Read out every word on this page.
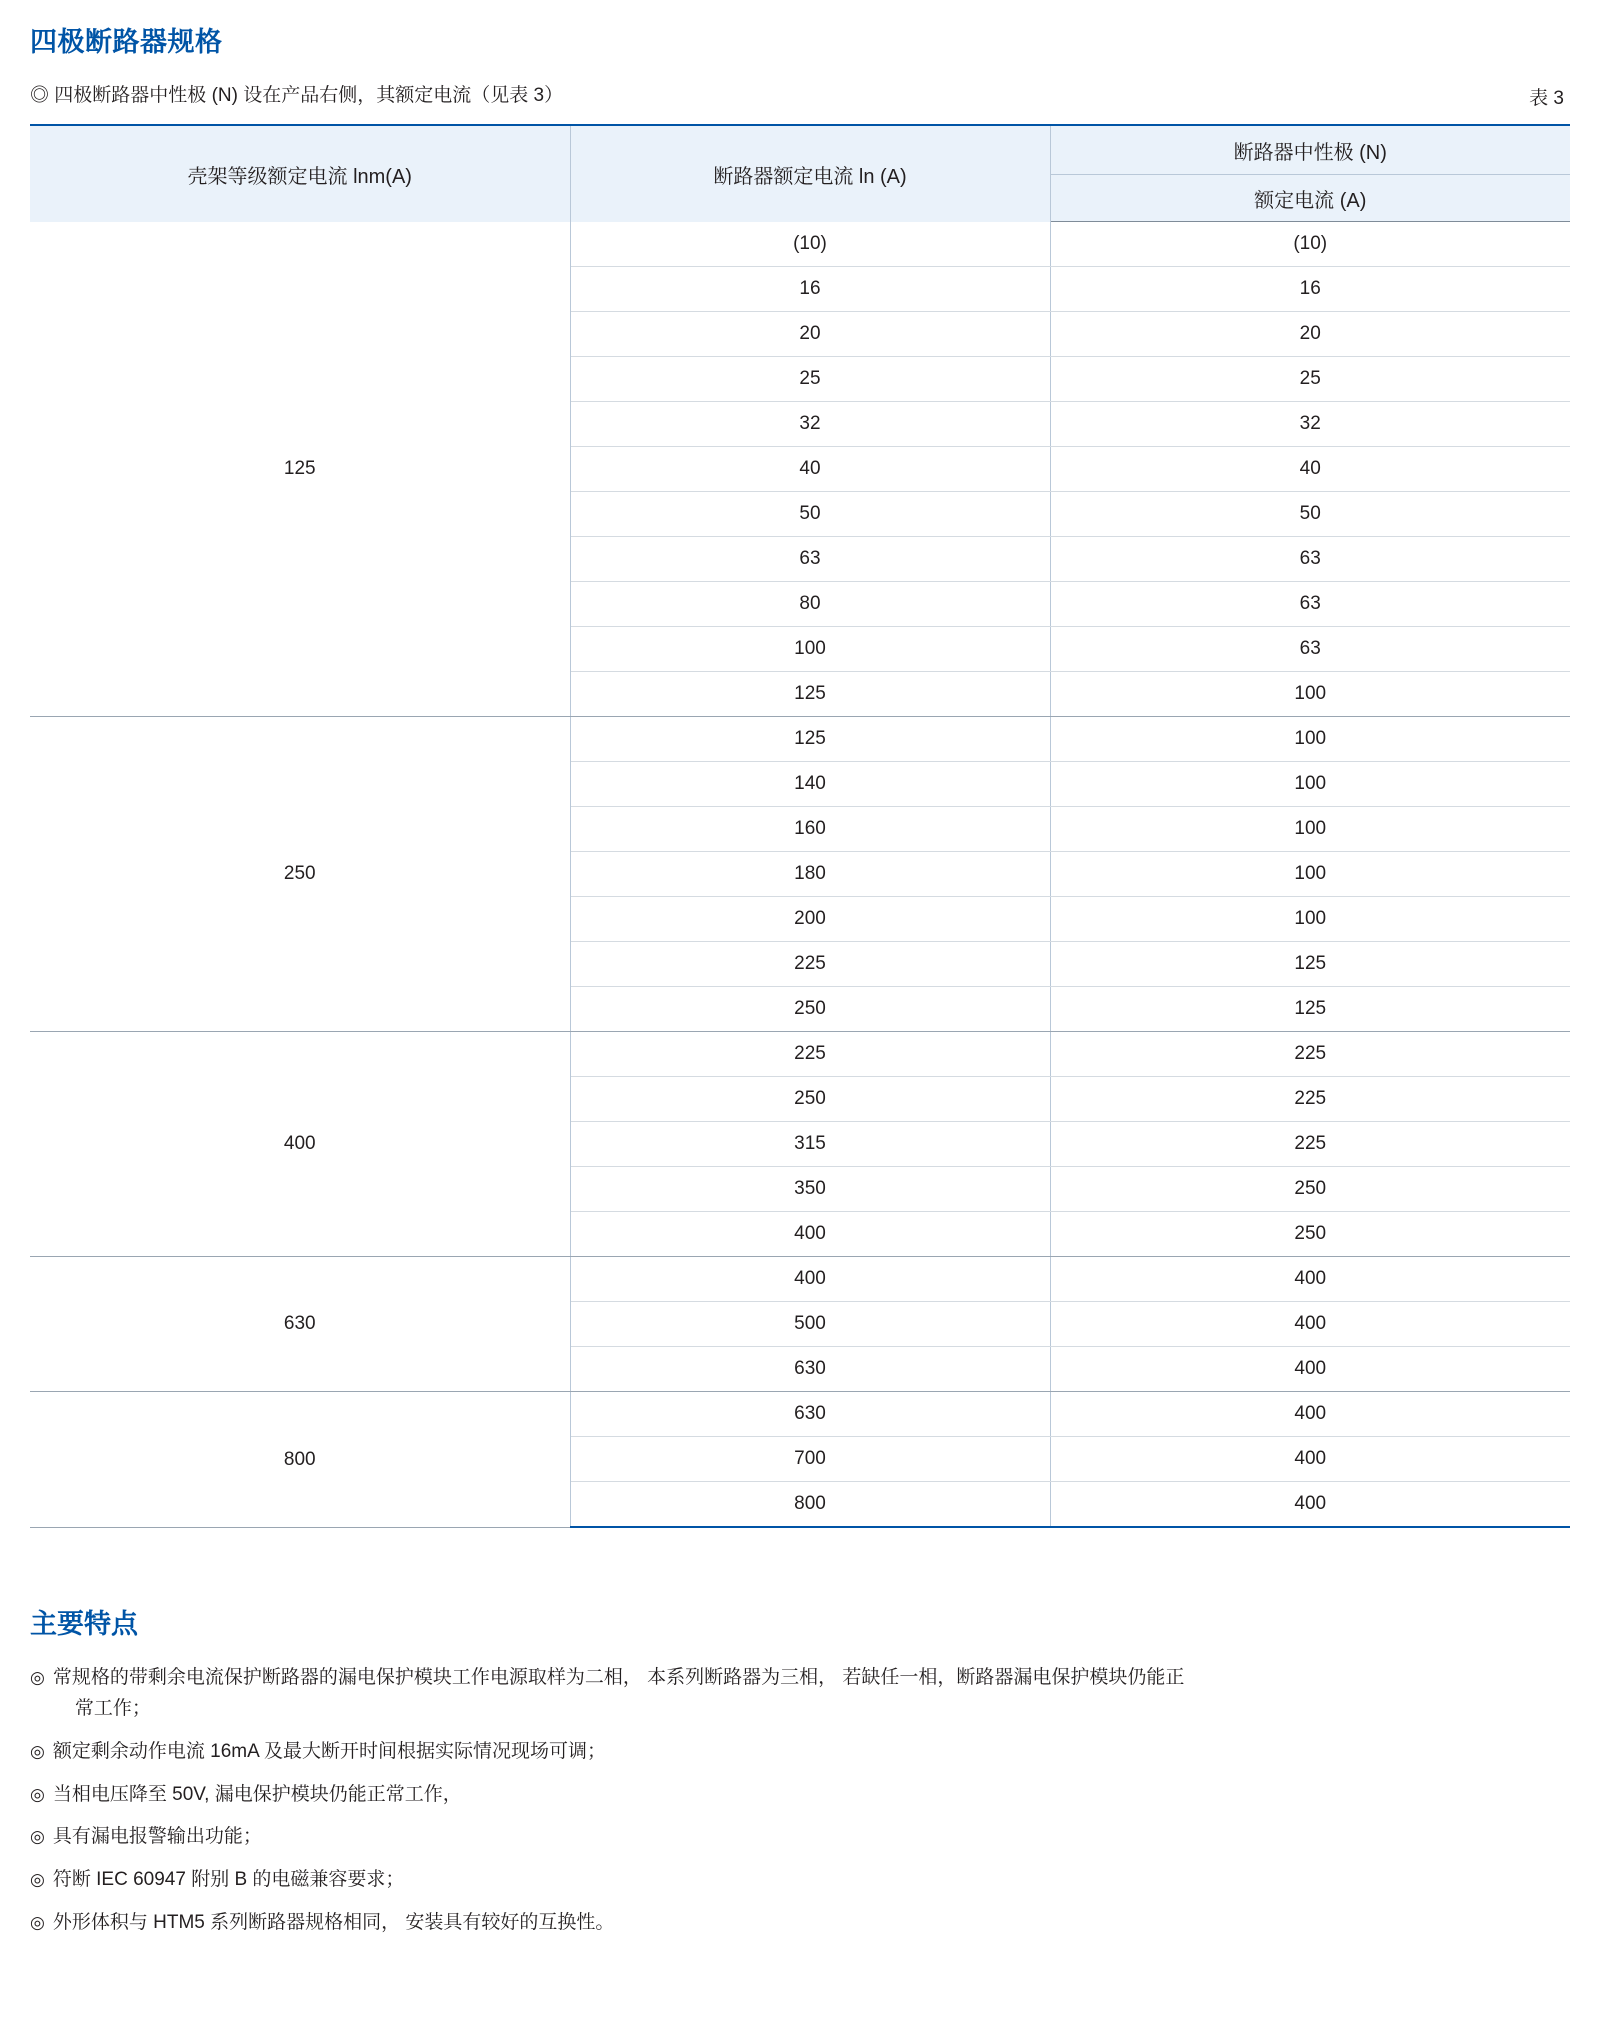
四极断路器规格
◎ 四极断路器中性极 (N) 设在产品右侧，其额定电流（见表 3）	表 3
壳架等级额定电流 lnm(A)	断路器额定电流 ln (A)	断路器中性极 (N)
		额定电流 (A)
125	(10)	(10)
	16	16
	20	20
	25	25
	32	32
	40	40
	50	50
	63	63
	80	63
	100	63
	125	100
250	125	100
	140	100
	160	100
	180	100
	200	100
	225	125
	250	125
400	225	225
	250	225
	315	225
	350	250
	400	250
630	400	400
	500	400
	630	400
800	630	400
	700	400
	800	400
主要特点
◎ 常规格的带剩余电流保护断路器的漏电保护模块工作电源取样为二相， 本系列断路器为三相， 若缺任一相，断路器漏电保护模块仍能正
常工作；
◎ 额定剩余动作电流 16mA 及最大断开时间根据实际情况现场可调；
◎ 当相电压降至 50V, 漏电保护模块仍能正常工作，
◎ 具有漏电报警输出功能；
◎ 符断 IEC 60947 附别 B 的电磁兼容要求；
◎ 外形体积与 HTM5 系列断路器规格相同， 安装具有较好的互换性。
